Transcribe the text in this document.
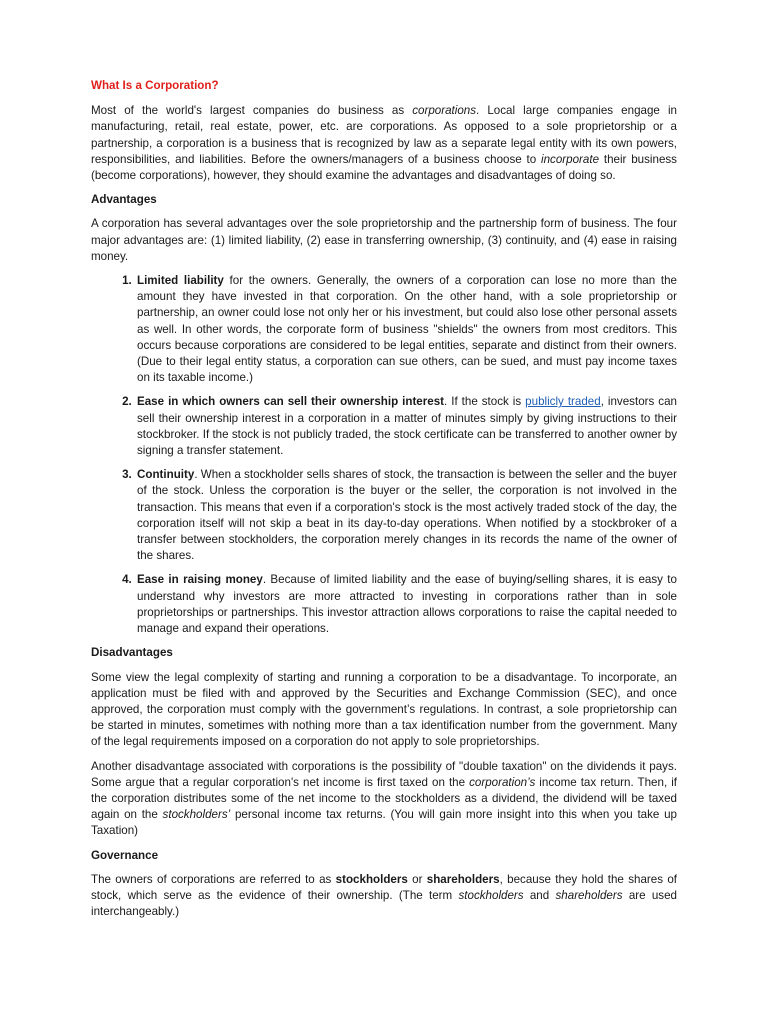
What Is a Corporation?

Most of the world's largest companies do business as corporations. Local large companies engage in manufacturing, retail, real estate, power, etc. are corporations. As opposed to a sole proprietorship or a partnership, a corporation is a business that is recognized by law as a separate legal entity with its own powers, responsibilities, and liabilities. Before the owners/managers of a business choose to incorporate their business (become corporations), however, they should examine the advantages and disadvantages of doing so.

Advantages

A corporation has several advantages over the sole proprietorship and the partnership form of business. The four major advantages are: (1) limited liability, (2) ease in transferring ownership, (3) continuity, and (4) ease in raising money.

1. Limited liability for the owners. Generally, the owners of a corporation can lose no more than the amount they have invested in that corporation. On the other hand, with a sole proprietorship or partnership, an owner could lose not only her or his investment, but could also lose other personal assets as well. In other words, the corporate form of business "shields" the owners from most creditors. This occurs because corporations are considered to be legal entities, separate and distinct from their owners. (Due to their legal entity status, a corporation can sue others, can be sued, and must pay income taxes on its taxable income.)
2. Ease in which owners can sell their ownership interest. If the stock is publicly traded, investors can sell their ownership interest in a corporation in a matter of minutes simply by giving instructions to their stockbroker. If the stock is not publicly traded, the stock certificate can be transferred to another owner by signing a transfer statement.
3. Continuity. When a stockholder sells shares of stock, the transaction is between the seller and the buyer of the stock. Unless the corporation is the buyer or the seller, the corporation is not involved in the transaction. This means that even if a corporation's stock is the most actively traded stock of the day, the corporation itself will not skip a beat in its day-to-day operations. When notified by a stockbroker of a transfer between stockholders, the corporation merely changes in its records the name of the owner of the shares.
4. Ease in raising money. Because of limited liability and the ease of buying/selling shares, it is easy to understand why investors are more attracted to investing in corporations rather than in sole proprietorships or partnerships. This investor attraction allows corporations to raise the capital needed to manage and expand their operations.
Disadvantages

Some view the legal complexity of starting and running a corporation to be a disadvantage. To incorporate, an application must be filed with and approved by the Securities and Exchange Commission (SEC), and once approved, the corporation must comply with the government’s regulations. In contrast, a sole proprietorship can be started in minutes, sometimes with nothing more than a tax identification number from the government. Many of the legal requirements imposed on a corporation do not apply to sole proprietorships.

Another disadvantage associated with corporations is the possibility of "double taxation" on the dividends it pays. Some argue that a regular corporation's net income is first taxed on the corporation’s income tax return. Then, if the corporation distributes some of the net income to the stockholders as a dividend, the dividend will be taxed again on the stockholders’ personal income tax returns. (You will gain more insight into this when you take up Taxation)

Governance

The owners of corporations are referred to as stockholders or shareholders, because they hold the shares of stock, which serve as the evidence of their ownership. (The term stockholders and shareholders are used interchangeably.)
